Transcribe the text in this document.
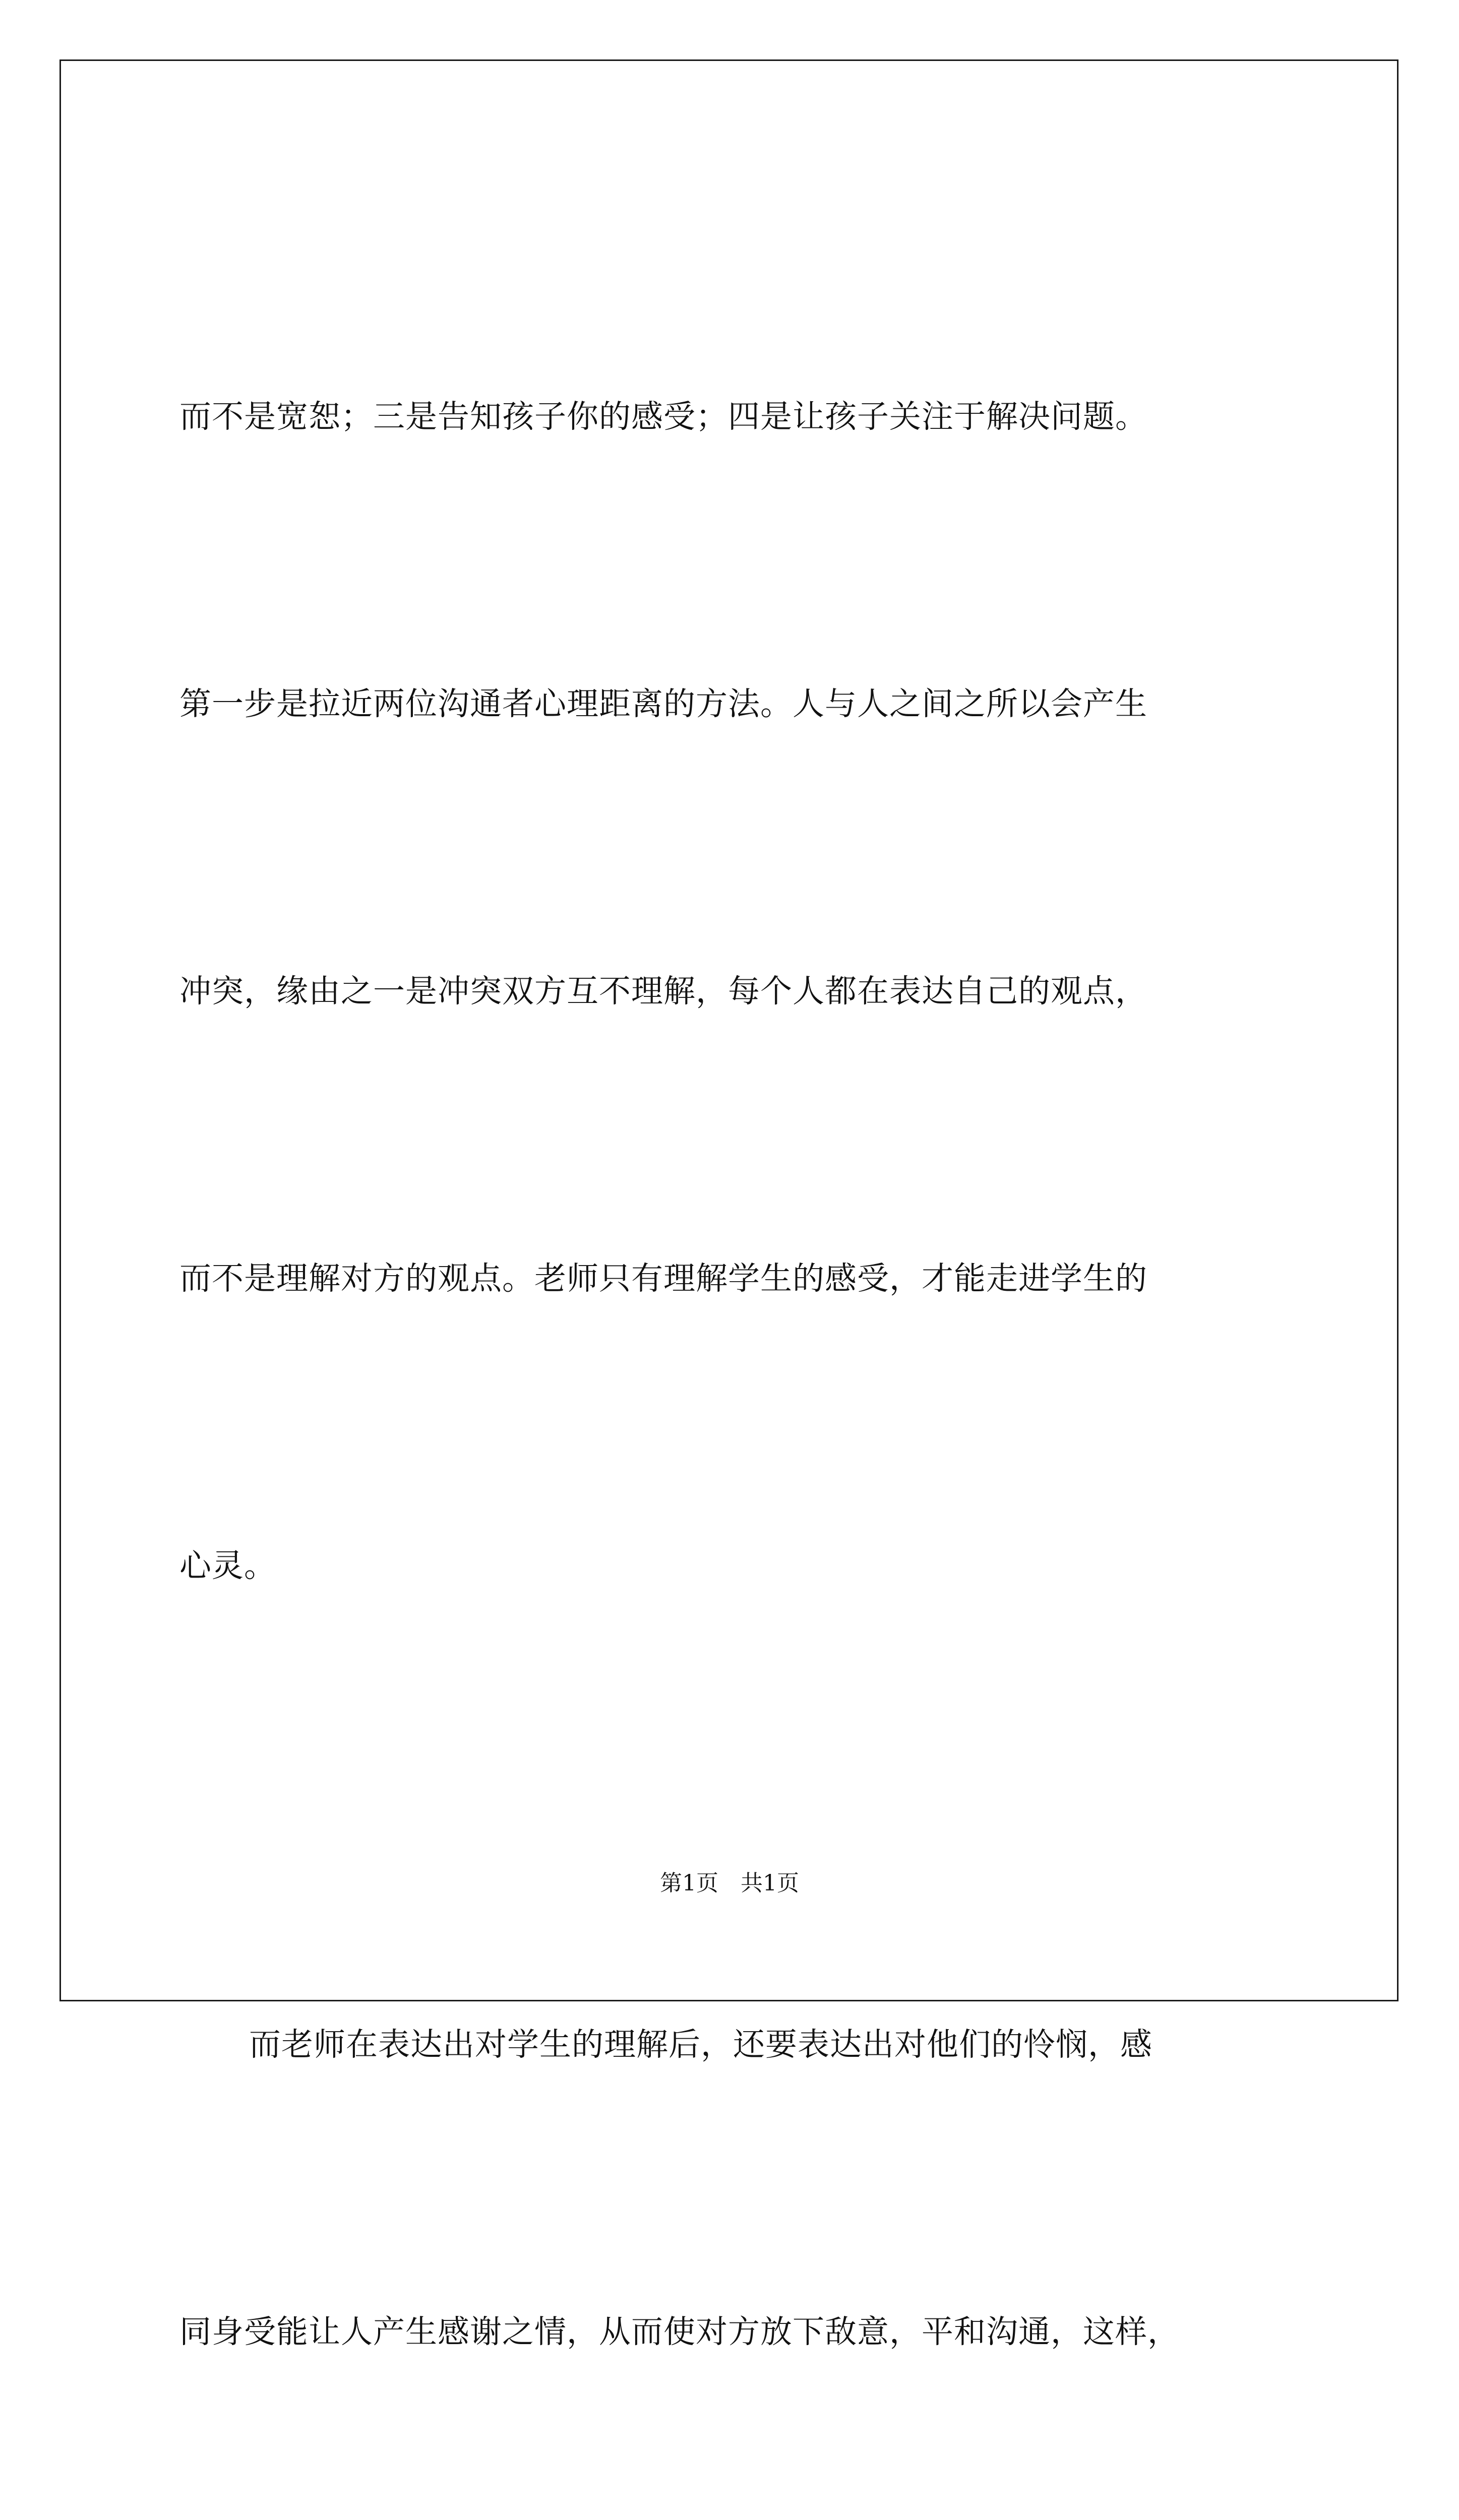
而不是宽恕；三是告知孩子你的感受；四是让孩子关注于解决问题。

第一步是拉近两位沟通者心理距离的方法。人与人之间之所以会产生

冲突，缘由之一是冲突双方互不理解，每个人都在表达自己的观点，

而不是理解对方的观点。老师只有理解学生的感受，才能走进学生的

心灵。

而老师在表达出对学生的理解后，还要表达出对他们的怜悯，感

同身受能让人产生感谢之情，从而使对方放下敌意，平和沟通，这样，

第1页　共1页
